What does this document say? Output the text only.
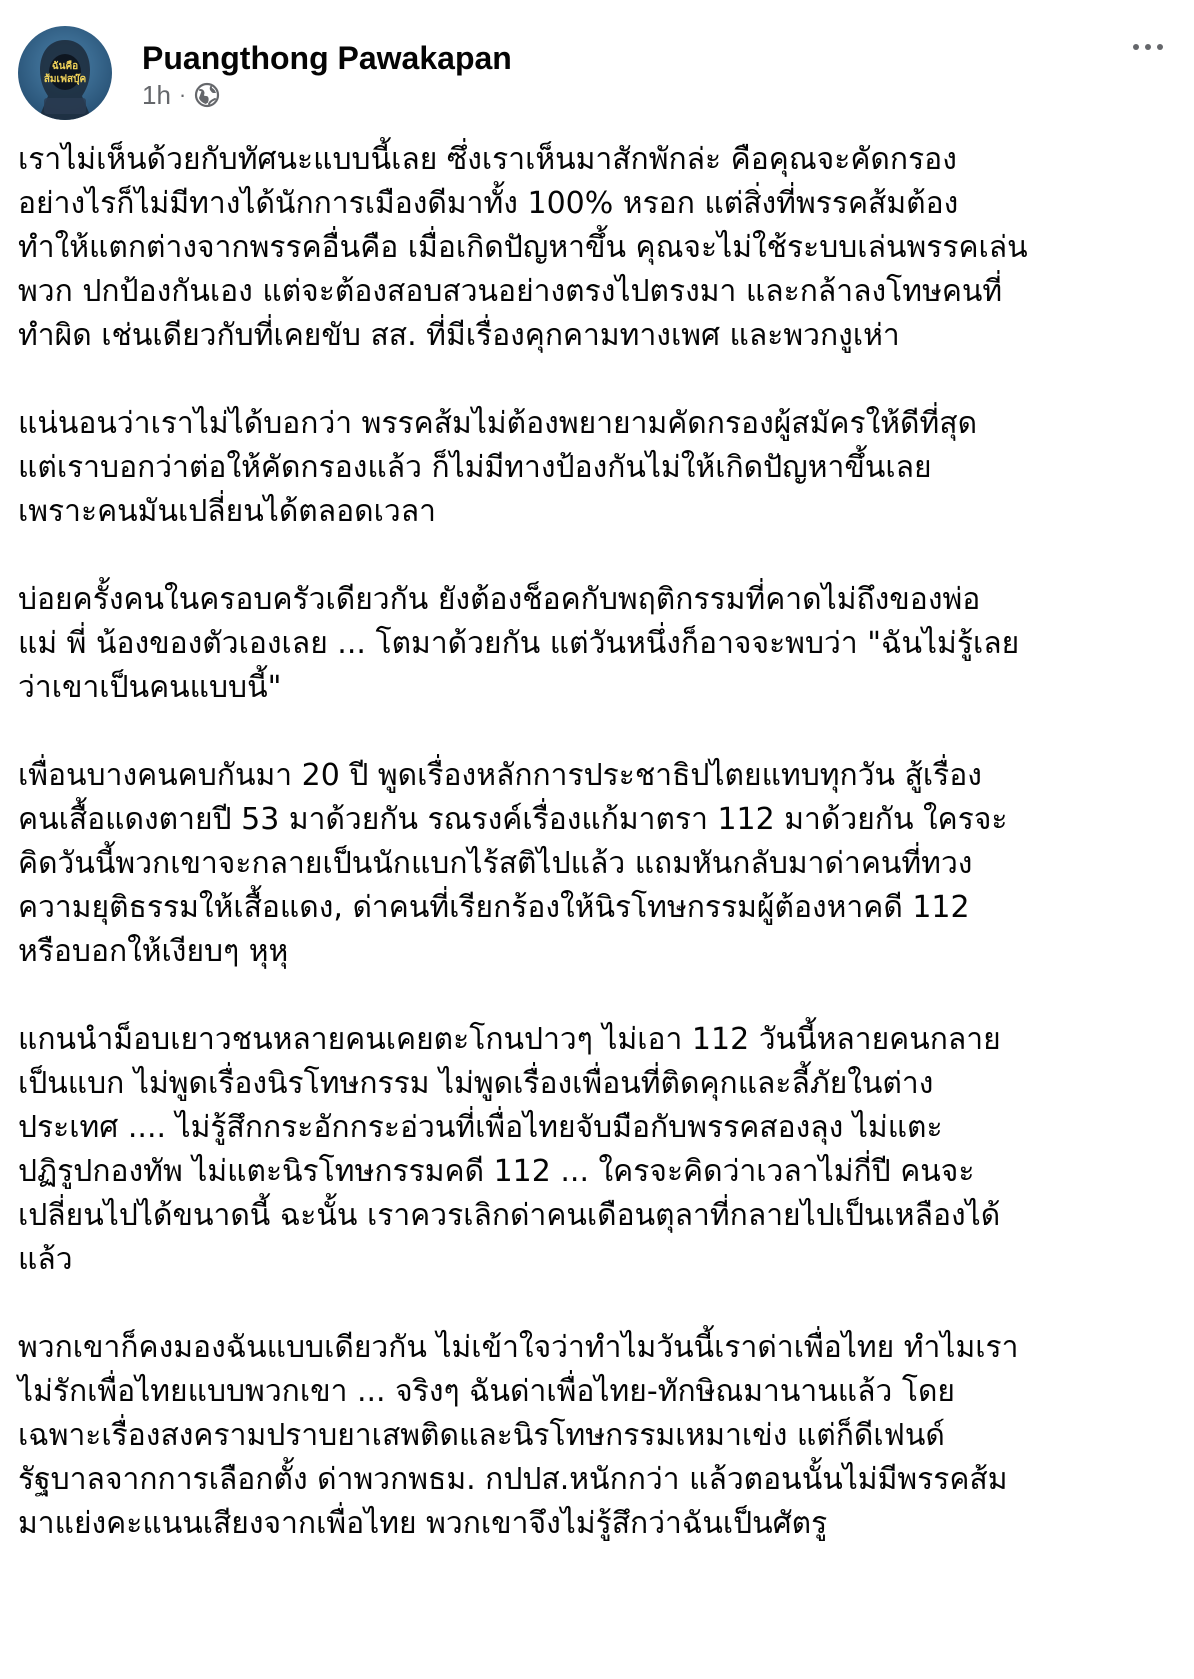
ฉันคือ
ส้มเฟสบุ๊ค
Puangthong Pawakapan
1h ·
เราไม่เห็นด้วยกับทัศนะแบบนี้เลย ซึ่งเราเห็นมาสักพักล่ะ คือคุณจะคัดกรอง
อย่างไรก็ไม่มีทางได้นักการเมืองดีมาทั้ง 100% หรอก แต่สิ่งที่พรรคส้มต้อง
ทำให้แตกต่างจากพรรคอื่นคือ เมื่อเกิดปัญหาขึ้น คุณจะไม่ใช้ระบบเล่นพรรคเล่น
พวก ปกป้องกันเอง แต่จะต้องสอบสวนอย่างตรงไปตรงมา และกล้าลงโทษคนที่
ทำผิด เช่นเดียวกับที่เคยขับ สส. ที่มีเรื่องคุกคามทางเพศ และพวกงูเห่า
แน่นอนว่าเราไม่ได้บอกว่า พรรคส้มไม่ต้องพยายามคัดกรองผู้สมัครให้ดีที่สุด
แต่เราบอกว่าต่อให้คัดกรองแล้ว ก็ไม่มีทางป้องกันไม่ให้เกิดปัญหาขึ้นเลย
เพราะคนมันเปลี่ยนได้ตลอดเวลา
บ่อยครั้งคนในครอบครัวเดียวกัน ยังต้องช็อคกับพฤติกรรมที่คาดไม่ถึงของพ่อ
แม่ พี่ น้องของตัวเองเลย ... โตมาด้วยกัน แต่วันหนึ่งก็อาจจะพบว่า "ฉันไม่รู้เลย
ว่าเขาเป็นคนแบบนี้"
เพื่อนบางคนคบกันมา 20 ปี พูดเรื่องหลักการประชาธิปไตยแทบทุกวัน สู้เรื่อง
คนเสื้อแดงตายปี 53 มาด้วยกัน รณรงค์เรื่องแก้มาตรา 112 มาด้วยกัน ใครจะ
คิดวันนี้พวกเขาจะกลายเป็นนักแบกไร้สติไปแล้ว แถมหันกลับมาด่าคนที่ทวง
ความยุติธรรมให้เสื้อแดง, ด่าคนที่เรียกร้องให้นิรโทษกรรมผู้ต้องหาคดี 112
หรือบอกให้เงียบๆ หุหุ
แกนนำม็อบเยาวชนหลายคนเคยตะโกนปาวๆ ไม่เอา 112 วันนี้หลายคนกลาย
เป็นแบก ไม่พูดเรื่องนิรโทษกรรม ไม่พูดเรื่องเพื่อนที่ติดคุกและลี้ภัยในต่าง
ประเทศ .... ไม่รู้สึกกระอักกระอ่วนที่เพื่อไทยจับมือกับพรรคสองลุง ไม่แตะ
ปฏิรูปกองทัพ ไม่แตะนิรโทษกรรมคดี 112 ... ใครจะคิดว่าเวลาไม่กี่ปี คนจะ
เปลี่ยนไปได้ขนาดนี้ ฉะนั้น เราควรเลิกด่าคนเดือนตุลาที่กลายไปเป็นเหลืองได้
แล้ว
พวกเขาก็คงมองฉันแบบเดียวกัน ไม่เข้าใจว่าทำไมวันนี้เราด่าเพื่อไทย ทำไมเรา
ไม่รักเพื่อไทยแบบพวกเขา ... จริงๆ ฉันด่าเพื่อไทย-ทักษิณมานานแล้ว โดย
เฉพาะเรื่องสงครามปราบยาเสพติดและนิรโทษกรรมเหมาเข่ง แต่ก็ดีเฟนด์
รัฐบาลจากการเลือกตั้ง ด่าพวกพธม. กปปส.หนักกว่า แล้วตอนนั้นไม่มีพรรคส้ม
มาแย่งคะแนนเสียงจากเพื่อไทย พวกเขาจึงไม่รู้สึกว่าฉันเป็นศัตรู
